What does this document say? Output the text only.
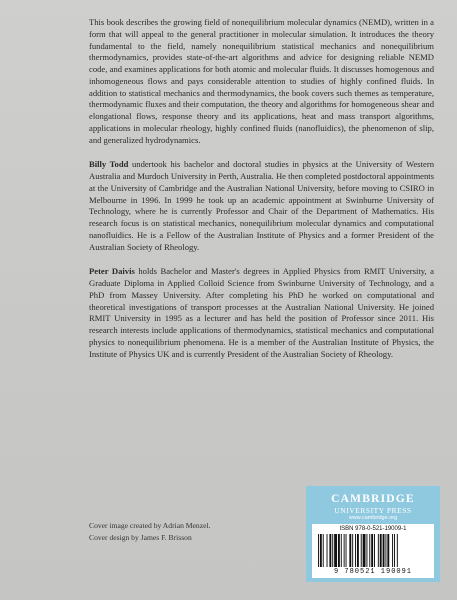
This book describes the growing field of nonequilibrium molecular dynamics (NEMD), written in a form that will appeal to the general practitioner in molecular simulation. It introduces the theory fundamental to the field, namely nonequilibrium statistical mechanics and nonequilibrium thermodynamics, provides state-of-the-art algorithms and advice for designing reliable NEMD code, and examines applications for both atomic and molecular fluids. It discusses homogenous and inhomogeneous flows and pays considerable attention to studies of highly confined fluids. In addition to statistical mechanics and thermodynamics, the book covers such themes as temperature, thermodynamic fluxes and their computation, the theory and algorithms for homogeneous shear and elongational flows, response theory and its applications, heat and mass transport algorithms, applications in molecular rheology, highly confined fluids (nanofluidics), the phenomenon of slip, and generalized hydrodynamics.

Billy Todd undertook his bachelor and doctoral studies in physics at the University of Western Australia and Murdoch University in Perth, Australia. He then completed postdoctoral appointments at the University of Cambridge and the Australian National University, before moving to CSIRO in Melbourne in 1996. In 1999 he took up an academic appointment at Swinburne University of Technology, where he is currently Professor and Chair of the Department of Mathematics. His research focus is on statistical mechanics, nonequilibrium molecular dynamics and computational nanofluidics. He is a Fellow of the Australian Institute of Physics and a former President of the Australian Society of Rheology.

Peter Daivis holds Bachelor and Master's degrees in Applied Physics from RMIT University, a Graduate Diploma in Applied Colloid Science from Swinburne University of Technology, and a PhD from Massey University. After completing his PhD he worked on computational and theoretical investigations of transport processes at the Australian National University. He joined RMIT University in 1995 as a lecturer and has held the position of Professor since 2011. His research interests include applications of thermodynamics, statistical mechanics and computational physics to nonequilibrium phenomena. He is a member of the Australian Institute of Physics, the Institute of Physics UK and is currently President of the Australian Society of Rheology.

Cover image created by Adrian Menzel.
Cover design by James F. Brisson
CAMBRIDGE
UNIVERSITY PRESS
www.cambridge.org
ISBN 978-0-521-19009-1
9 780521 190091
